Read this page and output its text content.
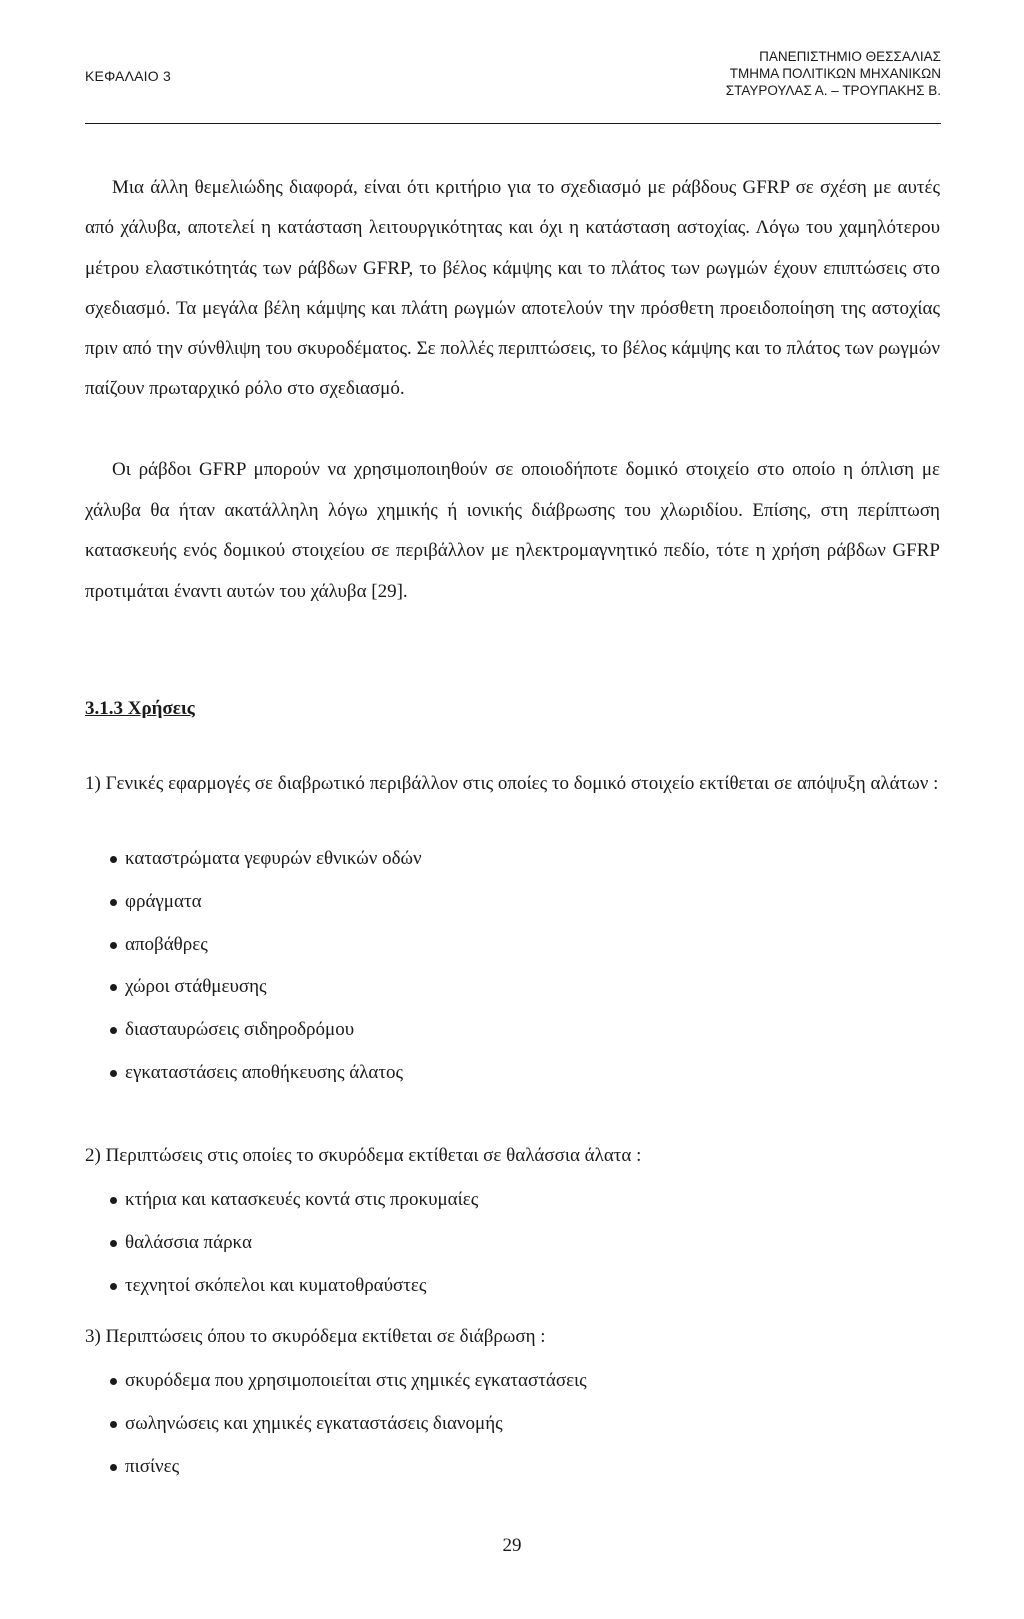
ΚΕΦΑΛΑΙΟ 3
ΠΑΝΕΠΙΣΤΗΜΙΟ ΘΕΣΣΑΛΙΑΣ
ΤΜΗΜΑ ΠΟΛΙΤΙΚΩΝ ΜΗΧΑΝΙΚΩΝ
ΣΤΑΥΡΟΥΛΑΣ Α. – ΤΡΟΥΠΑΚΗΣ Β.

Μια άλλη θεμελιώδης διαφορά, είναι ότι κριτήριο για το σχεδιασμό με ράβδους GFRP σε σχέση με αυτές από χάλυβα, αποτελεί η κατάσταση λειτουργικότητας και όχι η κατάσταση αστοχίας. Λόγω του χαμηλότερου μέτρου ελαστικότητάς των ράβδων GFRP, το βέλος κάμψης και το πλάτος των ρωγμών έχουν επιπτώσεις στο σχεδιασμό. Τα μεγάλα βέλη κάμψης και πλάτη ρωγμών αποτελούν την πρόσθετη προειδοποίηση της αστοχίας πριν από την σύνθλιψη του σκυροδέματος. Σε πολλές περιπτώσεις, το βέλος κάμψης και το πλάτος των ρωγμών παίζουν πρωταρχικό ρόλο στο σχεδιασμό.

Οι ράβδοι GFRP μπορούν να χρησιμοποιηθούν σε οποιοδήποτε δομικό στοιχείο στο οποίο η όπλιση με χάλυβα θα ήταν ακατάλληλη λόγω χημικής ή ιονικής διάβρωσης του χλωριδίου. Επίσης, στη περίπτωση κατασκευής ενός δομικού στοιχείου σε περιβάλλον με ηλεκτρομαγνητικό πεδίο, τότε η χρήση ράβδων GFRP προτιμάται έναντι αυτών του χάλυβα [29].

3.1.3 Χρήσεις

1) Γενικές εφαρμογές σε διαβρωτικό περιβάλλον στις οποίες το δομικό στοιχείο εκτίθεται σε απόψυξη αλάτων :

καταστρώματα γεφυρών εθνικών οδών
φράγματα
αποβάθρες
χώροι στάθμευσης
διασταυρώσεις σιδηροδρόμου
εγκαταστάσεις αποθήκευσης άλατος

2) Περιπτώσεις στις οποίες το σκυρόδεμα εκτίθεται σε θαλάσσια άλατα :

κτήρια και κατασκευές κοντά στις προκυμαίες
θαλάσσια πάρκα
τεχνητοί σκόπελοι και κυματοθραύστες

3) Περιπτώσεις όπου το σκυρόδεμα εκτίθεται σε διάβρωση :

σκυρόδεμα που χρησιμοποιείται στις χημικές εγκαταστάσεις
σωληνώσεις και χημικές εγκαταστάσεις διανομής
πισίνες
29
